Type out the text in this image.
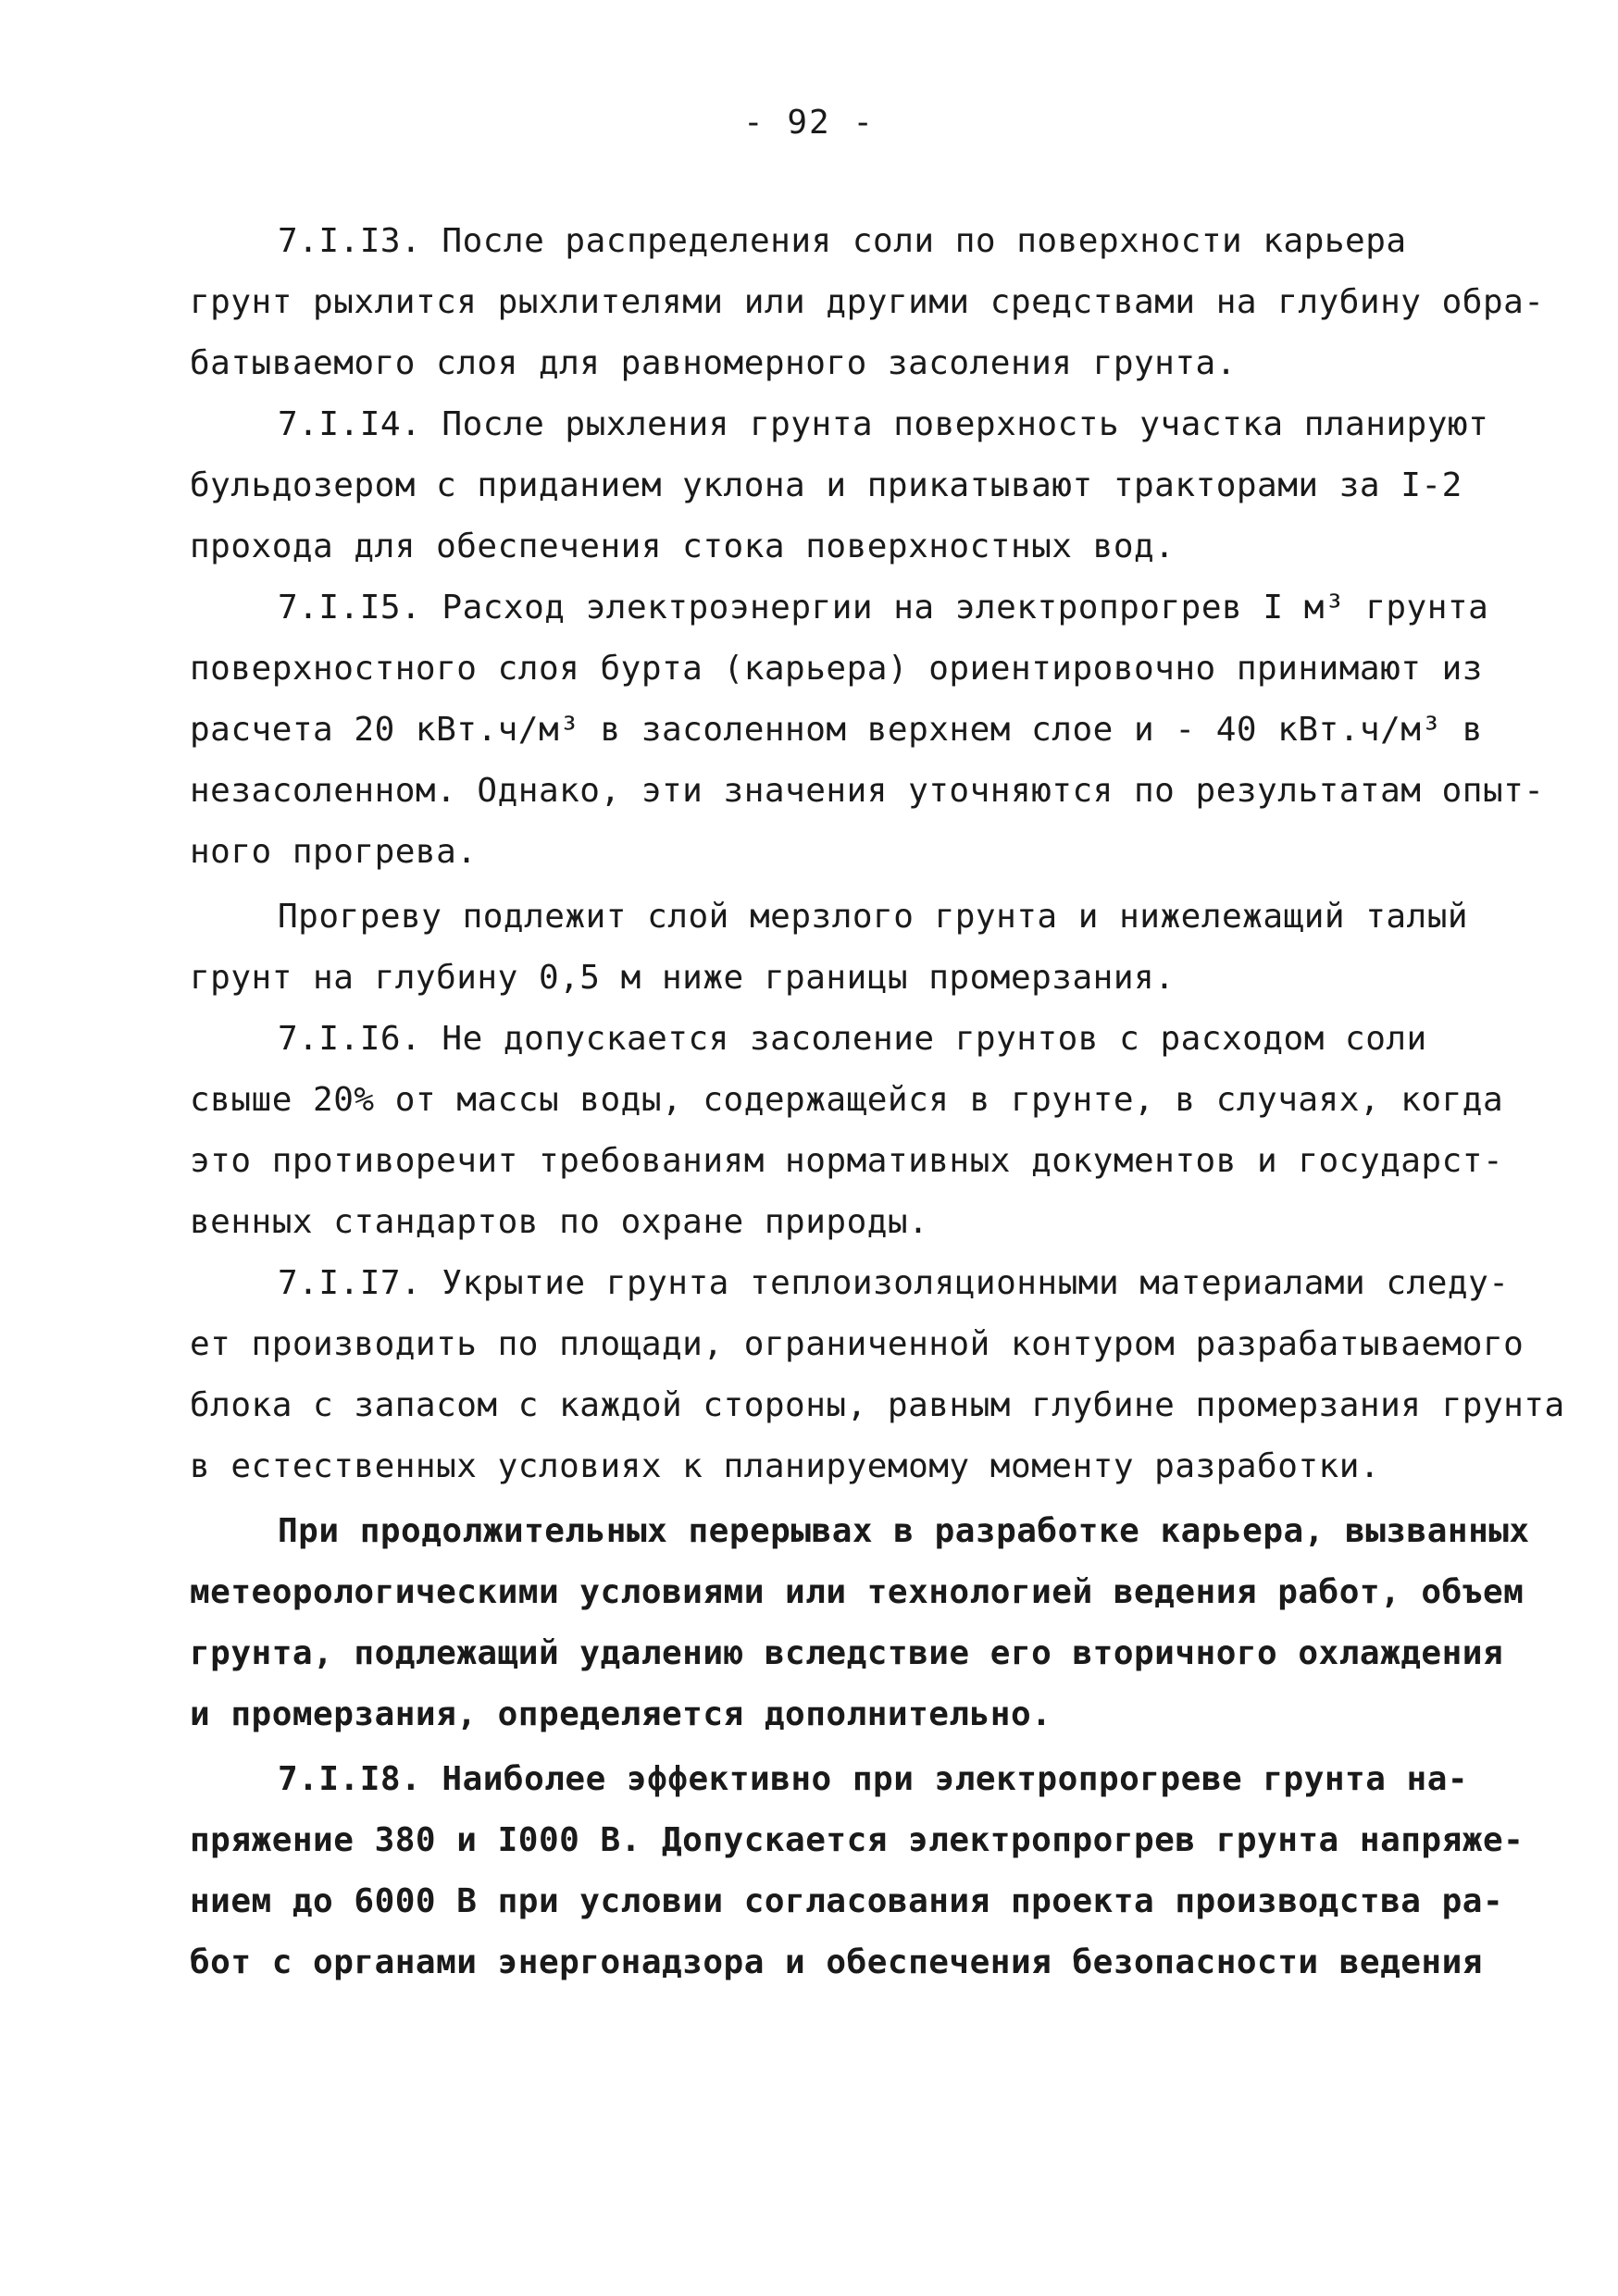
- 92 -
7.I.I3. После распределения соли по поверхности карьера
грунт рыхлится рыхлителями или другими средствами на глубину обра-
батываемого слоя для равномерного засоления грунта.
7.I.I4. После рыхления грунта поверхность участка планируют
бульдозером с приданием уклона и прикатывают тракторами за I-2
прохода для обеспечения стока поверхностных вод.
7.I.I5. Расход электроэнергии на электропрогрев I м³ грунта
поверхностного слоя бурта (карьера) ориентировочно принимают из
расчета 20 кВт.ч/м³ в засоленном верхнем слое и - 40 кВт.ч/м³ в
незасоленном. Однако, эти значения уточняются по результатам опыт-
ного прогрева.
Прогреву подлежит слой мерзлого грунта и нижележащий талый
грунт на глубину 0,5 м ниже границы промерзания.
7.I.I6. Не допускается засоление грунтов с расходом соли
свыше 20% от массы воды, содержащейся в грунте, в случаях, когда
это противоречит требованиям нормативных документов и государст-
венных стандартов по охране природы.
7.I.I7. Укрытие грунта теплоизоляционными материалами следу-
ет производить по площади, ограниченной контуром разрабатываемого
блока с запасом с каждой стороны, равным глубине промерзания грунта
в естественных условиях к планируемому моменту разработки.
При продолжительных перерывах в разработке карьера, вызванных
метеорологическими условиями или технологией ведения работ, объем
грунта, подлежащий удалению вследствие его вторичного охлаждения
и промерзания, определяется дополнительно.
7.I.I8. Наиболее эффективно при электропрогреве грунта на-
пряжение 380 и I000 В. Допускается электропрогрев грунта напряже-
нием до 6000 В при условии согласования проекта производства ра-
бот с органами энергонадзора и обеспечения безопасности ведения
